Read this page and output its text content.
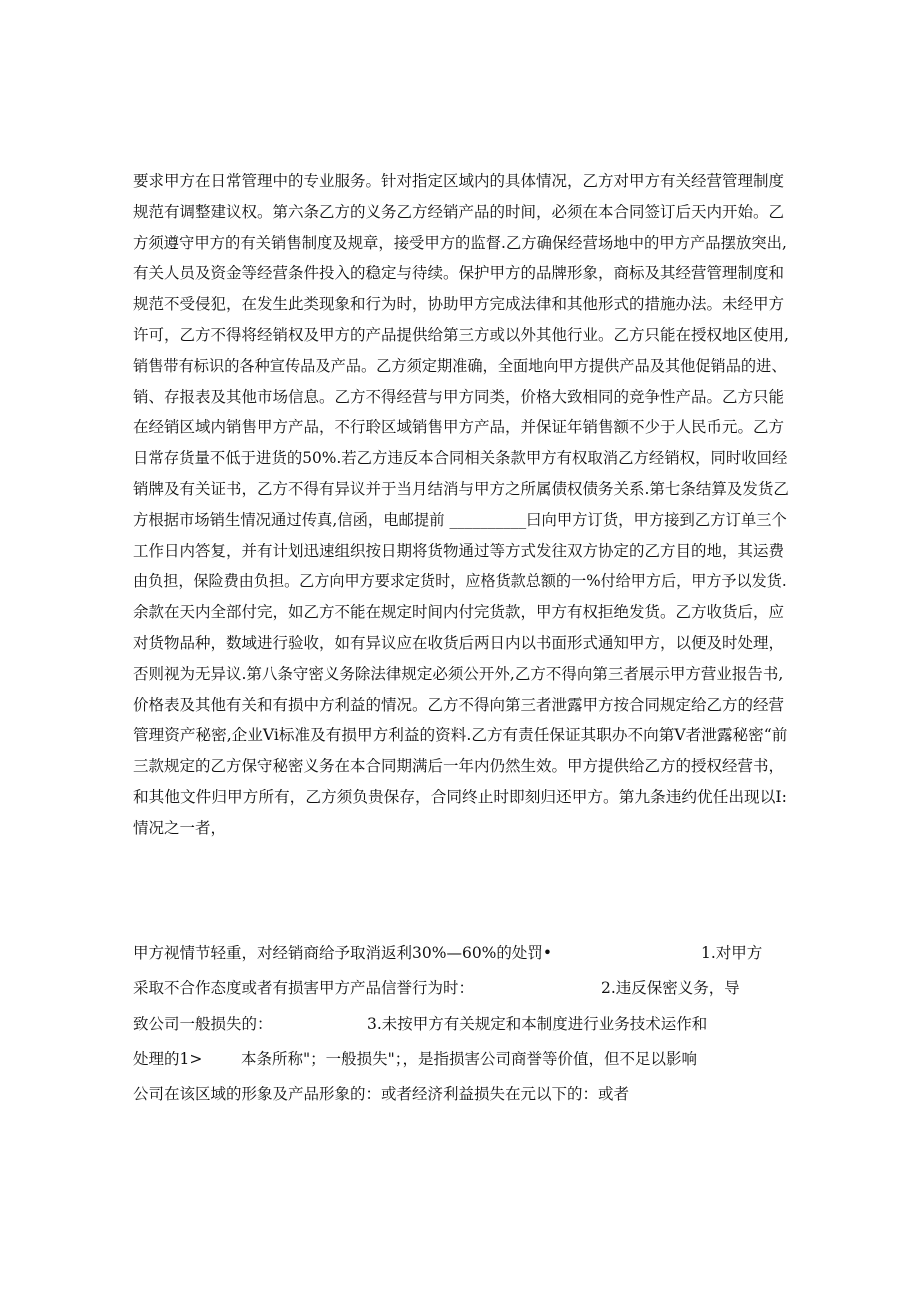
要求甲方在日常管理中的专业服务。针对指定区域内的具体情况，乙方对甲方有关经营管理制度
规范有调整建议权。第六条乙方的义务乙方经销产品的时间，必须在本合同签订后天内开始。乙
方须遵守甲方的有关销售制度及规章，接受甲方的监督.乙方确保经营场地中的甲方产品摆放突出,
有关人员及资金等经营条件投入的稳定与待续。保护甲方的品牌形象，商标及其经营管理制度和
规范不受侵犯，在发生此类现象和行为时，协助甲方完成法律和其他形式的措施办法。未经甲方
许可，乙方不得将经销权及甲方的产品提供给第三方或以外其他行业。乙方只能在授权地区使用,
销售带有标识的各种宣传品及产品。乙方须定期准确，全面地向甲方提供产品及其他促销品的进、
销、存报表及其他市场信息。乙方不得经营与甲方同类，价格大致相同的竞争性产品。乙方只能
在经销区域内销售甲方产品，不行聆区域销售甲方产品，并保证年销售额不少于人民币元。乙方
日常存货量不低于进货的50%.若乙方违反本合同相关条款甲方有权取消乙方经销权，同时收回经
销牌及有关证书，乙方不得有异议并于当月结消与甲方之所属债权债务关系.第七条结算及发货乙
方根据市场销生情况通过传真,信函，电邮提前 __________曰向甲方订货，甲方接到乙方订单三个
工作日内答复，并有计划迅速组织按日期将货物通过等方式发往双方协定的乙方目的地，其运费
由负担，保险费由负担。乙方向甲方要求定货时，应格货款总额的一%付给甲方后，甲方予以发货.
余款在天内全部付完，如乙方不能在规定时间内付完货款，甲方有权拒绝发货。乙方收货后，应
对货物品种，数域进行验收，如有异议应在收货后两日内以书面形式通知甲方，以便及时处理，
否则视为无异议.第八条守密义务除法律规定必须公开外,乙方不得向第三者展示甲方营业报告书,
价格表及其他有关和有损中方利益的情况。乙方不得向第三者泄露甲方按合同规定给乙方的经营
管理资产秘密,企业Vi标准及有损甲方利益的资料.乙方有责任保证其职办不向第V者泄露秘密“前
三款规定的乙方保守秘密义务在本合同期满后一年内仍然生效。甲方提供给乙方的授权经营书，
和其他文件归甲方所有，乙方须负贵保存，合同终止时即刻归还甲方。第九条违约优任出现以I:
情况之一者，
甲方视情节轻重，对经销商给予取消返利30%—60%的处罚•	1.对甲方
采取不合作态度或者有损害甲方产品信誉行为时：	2.违反保密义务，导
致公司一般损失的：	3.未按甲方有关规定和本制度进行业务技术运作和
处理的1> 本条所称"；一般损失"；，是指损害公司商誉等价值，但不足以影响
公司在该区域的形象及产品形象的：或者经济利益损失在元以下的：或者
